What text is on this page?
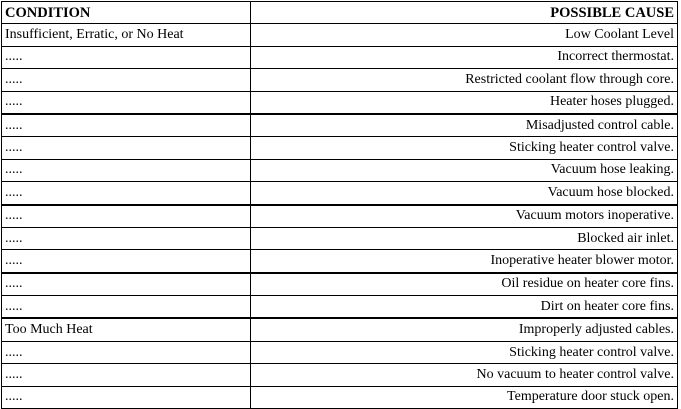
CONDITION	POSSIBLE CAUSE
Insufficient, Erratic, or No Heat	Low Coolant Level
.....	Incorrect thermostat.
.....	Restricted coolant flow through core.
.....	Heater hoses plugged.
.....	Misadjusted control cable.
.....	Sticking heater control valve.
.....	Vacuum hose leaking.
.....	Vacuum hose blocked.
.....	Vacuum motors inoperative.
.....	Blocked air inlet.
.....	Inoperative heater blower motor.
.....	Oil residue on heater core fins.
.....	Dirt on heater core fins.
Too Much Heat	Improperly adjusted cables.
.....	Sticking heater control valve.
.....	No vacuum to heater control valve.
.....	Temperature door stuck open.
